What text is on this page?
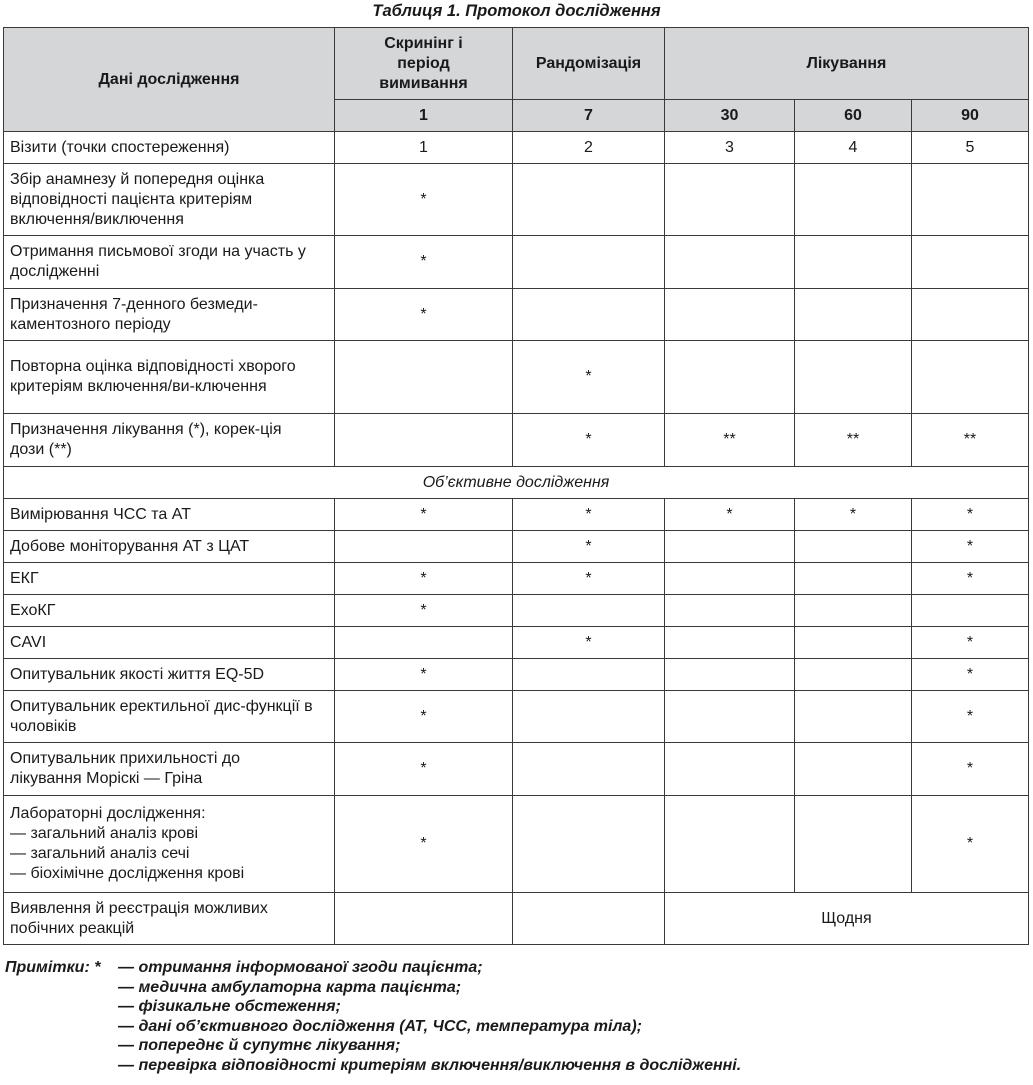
Таблиця 1. Протокол дослідження
Дані дослідження	Скринінг і період вимивання	Рандомізація	Лікування		
	1	7	30	60	90
Візити (точки спостереження)	1	2	3	4	5
Збір анамнезу й попередня оцінка відповідності пацієнта критеріям включення/виключення	*				
Отримання письмової згоди на участь у дослідженні	*				
Призначення 7-денного безмеди-каментозного періоду	*				
Повторна оцінка відповідності хворого критеріям включення/ви-ключення		*			
Призначення лікування (*), корек-ція дози (**)		*	**	**	**
Об’єктивне дослідження					
Вимірювання ЧСС та АТ	*	*	*	*	*
Добове моніторування АТ з ЦАТ		*			*
ЕКГ	*	*			*
ЕхоКГ	*				
CAVI		*			*
Опитувальник якості життя EQ-5D	*				*
Опитувальник еректильної дис-функції в чоловіків	*				*
Опитувальник прихильності до лікування Моріскі — Гріна	*				*

Лабораторні дослідження:
— загальний аналіз крові
— загальний аналіз сечі
— біохімічне дослідження крові	*				*
Виявлення й реєстрація можливих побічних реакцій			Щодня		
Примітки: *	— отримання інформованої згоди пацієнта;
— медична амбулаторна карта пацієнта;
— фізикальне обстеження;
— дані об’єктивного дослідження (АТ, ЧСС, температура тіла);
— попереднє й супутнє лікування;
— перевірка відповідності критеріям включення/виключення в дослідженні.
